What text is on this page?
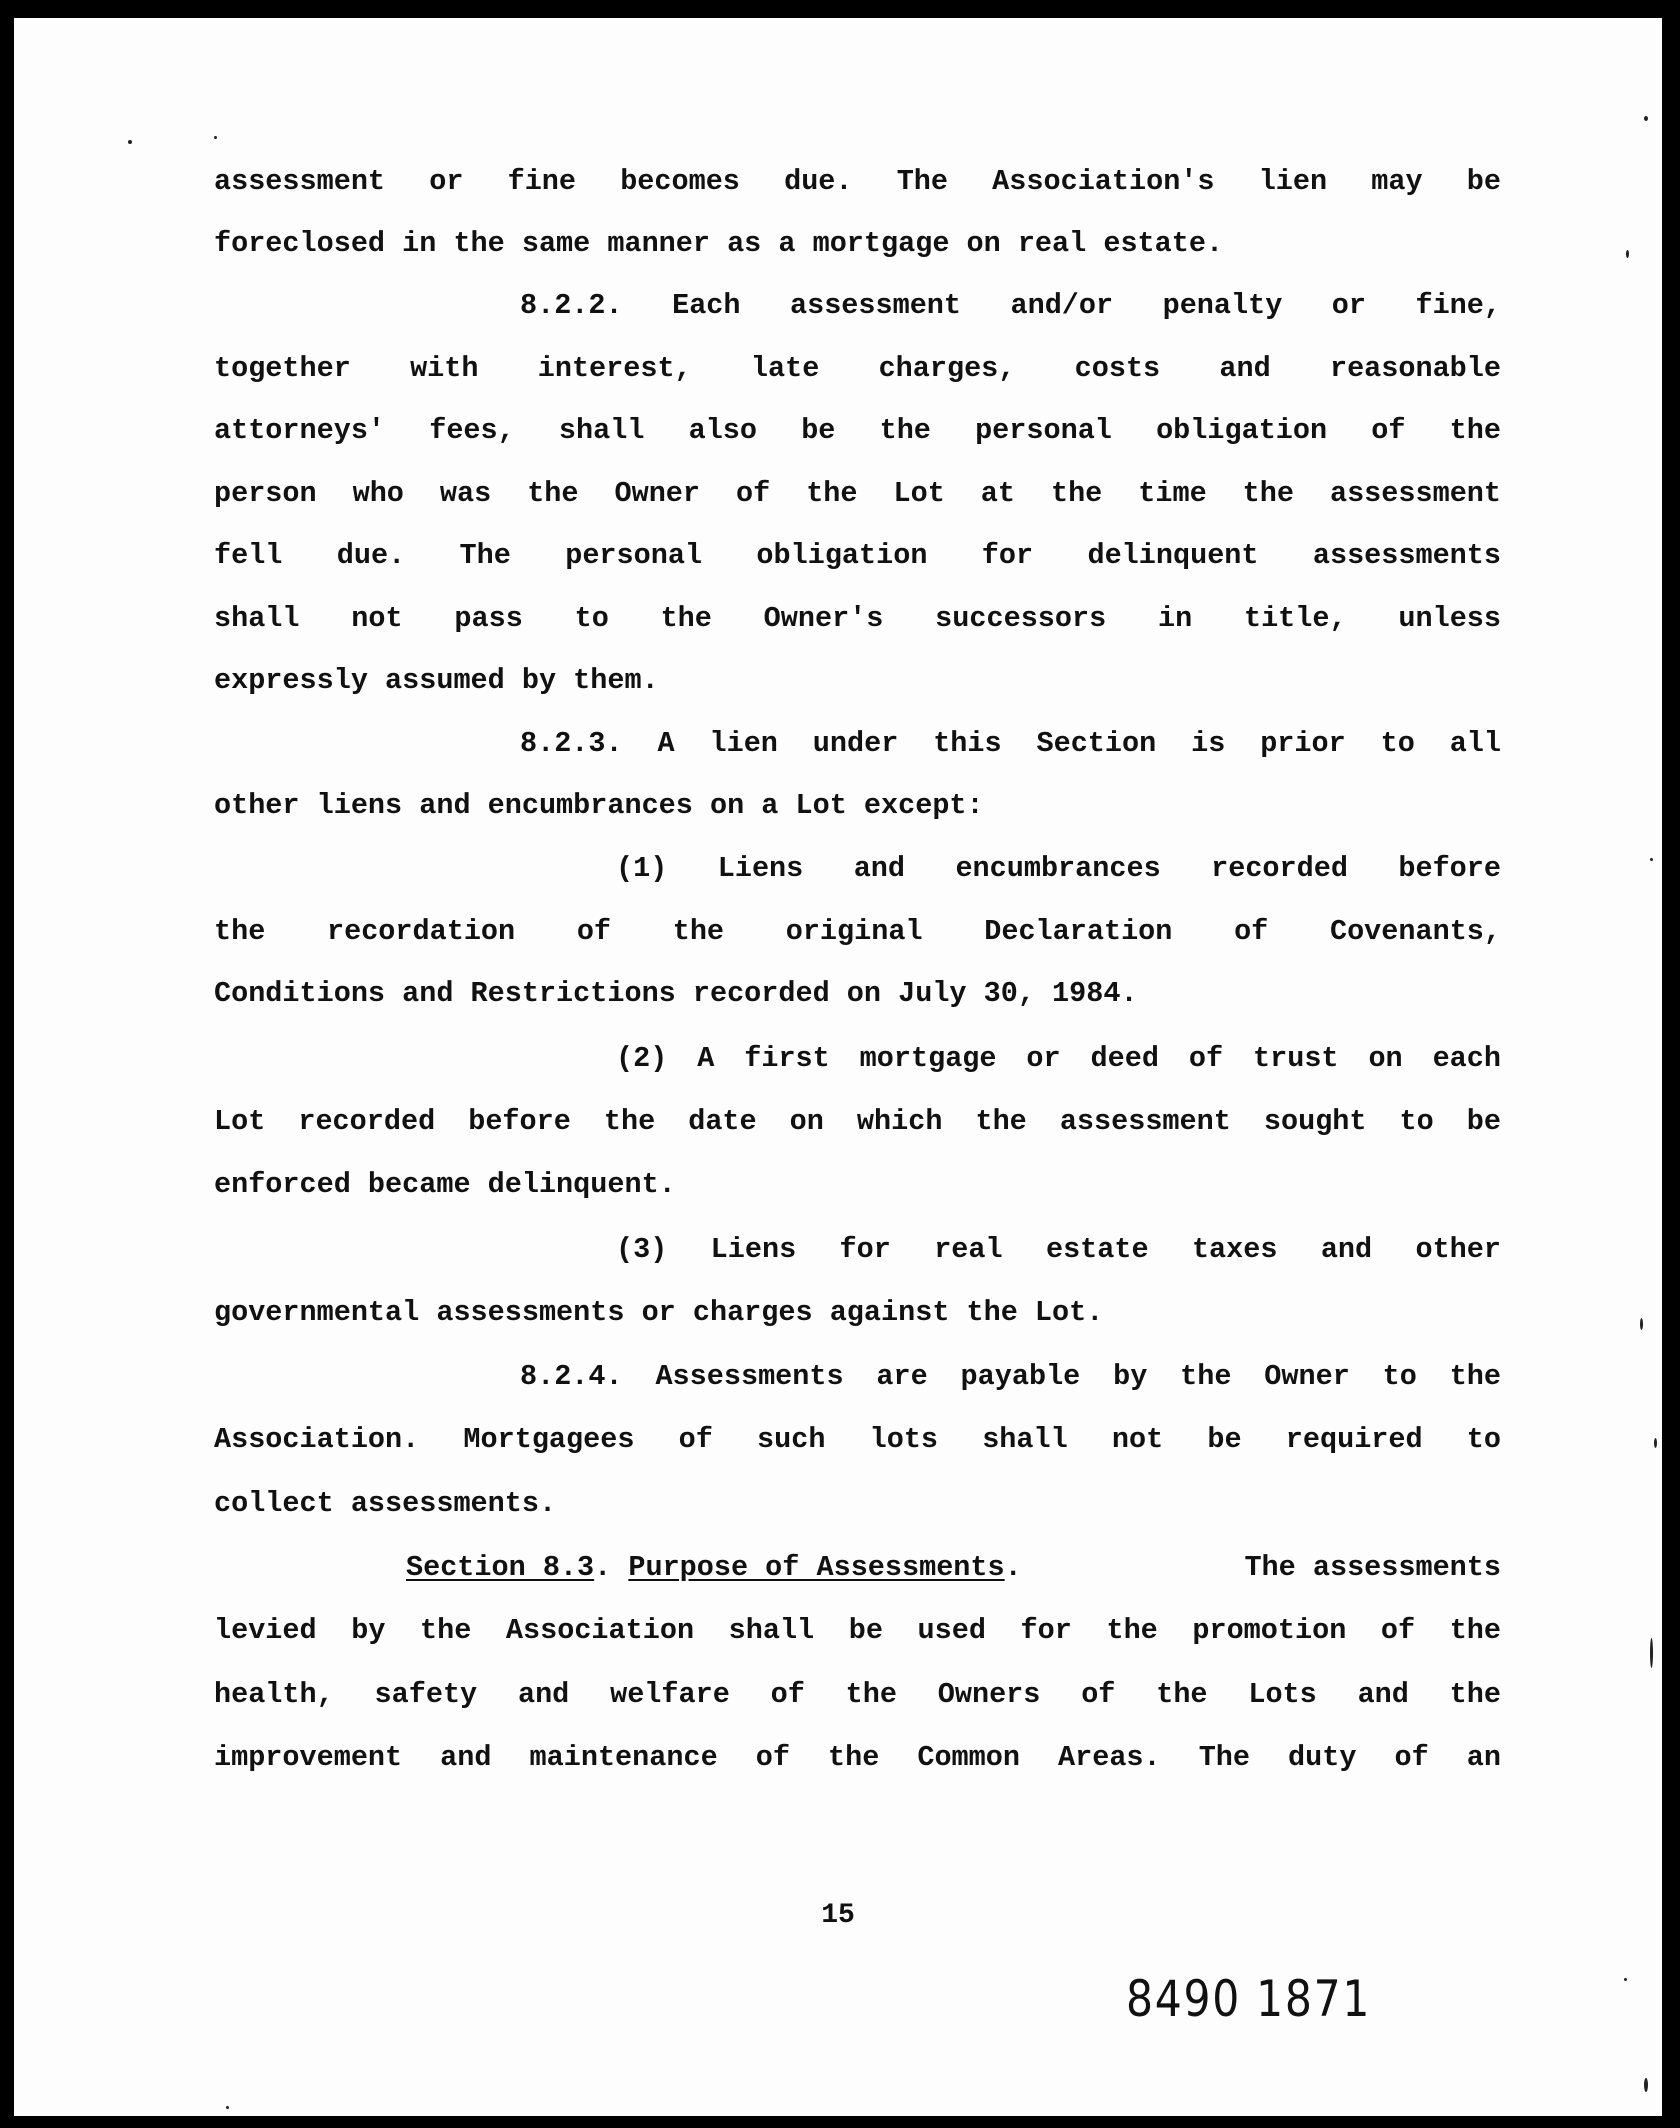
assessment or fine becomes due. The Association's lien may be
foreclosed in the same manner as a mortgage on real estate.
8.2.2. Each assessment and/or penalty or fine,
together with interest, late charges, costs and reasonable
attorneys' fees, shall also be the personal obligation of the
person who was the Owner of the Lot at the time the assessment
fell due. The personal obligation for delinquent assessments
shall not pass to the Owner's successors in title, unless
expressly assumed by them.
8.2.3. A lien under this Section is prior to all
other liens and encumbrances on a Lot except:
(1) Liens and encumbrances recorded before
the recordation of the original Declaration of Covenants,
Conditions and Restrictions recorded on July 30, 1984.
(2) A first mortgage or deed of trust on each
Lot recorded before the date on which the assessment sought to be
enforced became delinquent.
(3) Liens for real estate taxes and other
governmental assessments or charges against the Lot.
8.2.4. Assessments are payable by the Owner to the
Association. Mortgagees of such lots shall not be required to
collect assessments.
Section 8.3. Purpose of Assessments.	The assessments
levied by the Association shall be used for the promotion of the
health, safety and welfare of the Owners of the Lots and the
improvement and maintenance of the Common Areas. The duty of an
15
8490 1871
